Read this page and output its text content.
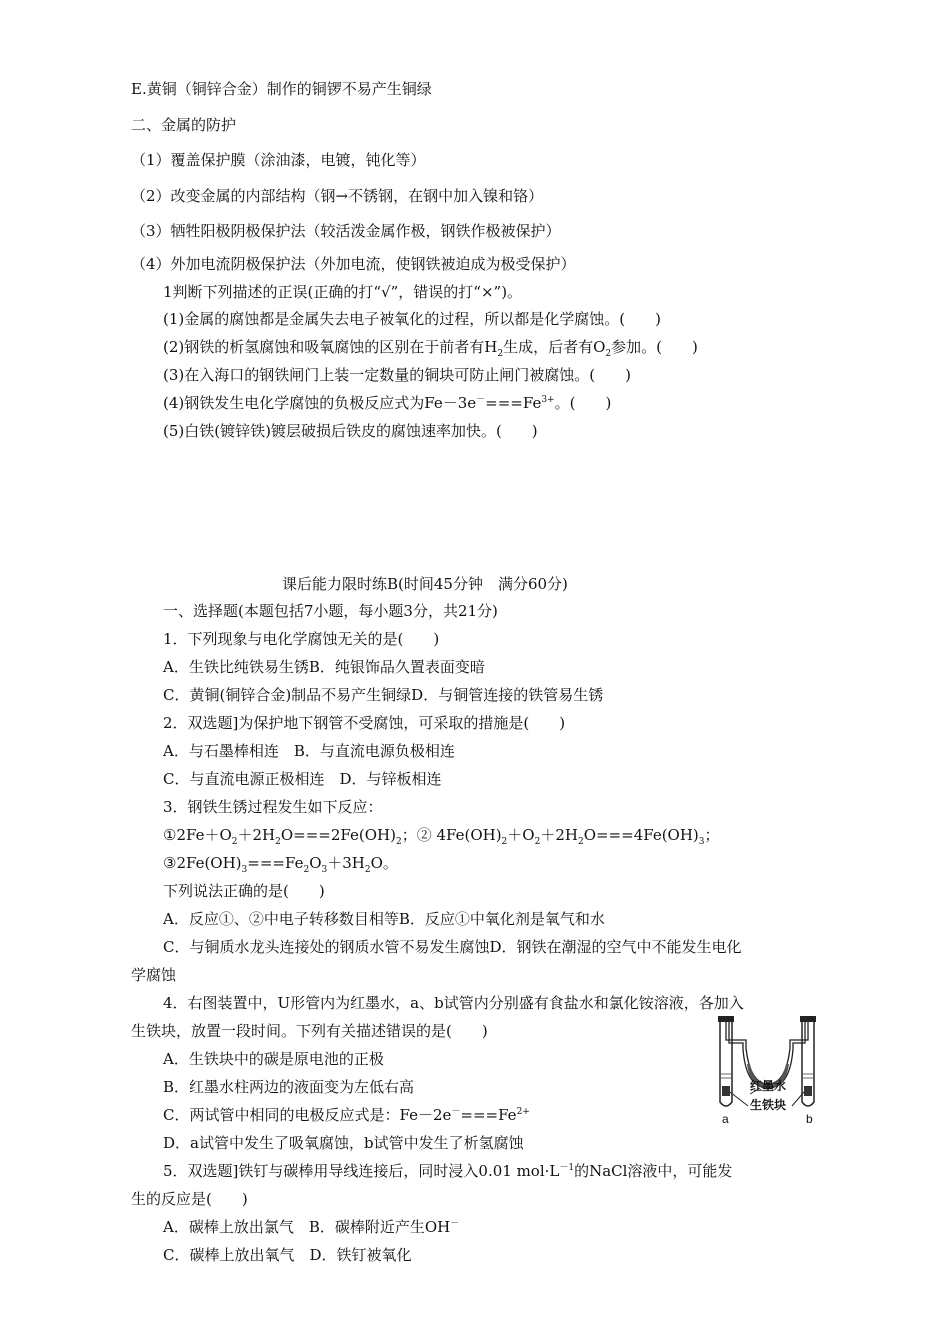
E.黄铜（铜锌合金）制作的铜锣不易产生铜绿
二、金属的防护
（1）覆盖保护膜（涂油漆，电镀，钝化等）
（2）改变金属的内部结构（钢→不锈钢，在钢中加入镍和铬）
（3）牺牲阳极阴极保护法（较活泼金属作极，钢铁作极被保护）
（4）外加电流阴极保护法（外加电流，使钢铁被迫成为极受保护）
1判断下列描述的正误(正确的打“√”，错误的打“×”)。
(1)金属的腐蚀都是金属失去电子被氧化的过程，所以都是化学腐蚀。(　　)
(2)钢铁的析氢腐蚀和吸氧腐蚀的区别在于前者有$H_2$生成，后者有$O_2$参加。(　　)
(3)在入海口的钢铁闸门上装一定数量的铜块可防止闸门被腐蚀。(　　)
(4)钢铁发生电化学腐蚀的负极反应式为$Fe-3e^-===Fe^{3+}$。(　　)
(5)白铁(镀锌铁)镀层破损后铁皮的腐蚀速率加快。(　　)
课后能力限时练B(时间45分钟　满分60分)
一、选择题(本题包括7小题，每小题3分，共21分)
1．下列现象与电化学腐蚀无关的是(　　)
A．生铁比纯铁易生锈B．纯银饰品久置表面变暗
C．黄铜(铜锌合金)制品不易产生铜绿D．与铜管连接的铁管易生锈
2．双选题]为保护地下钢管不受腐蚀，可采取的措施是(　　)
A．与石墨棒相连　B．与直流电源负极相连
C．与直流电源正极相连　D．与锌板相连
3．钢铁生锈过程发生如下反应：
$①2Fe+O_2+2H_2O===2Fe(OH)_2$；② $4Fe(OH)_2+O_2+2H_2O===4Fe(OH)_3$；
$③2Fe(OH)_3===Fe_2O_3+3H_2O$。
下列说法正确的是(　　)
A．反应①、②中电子转移数目相等B．反应①中氧化剂是氧气和水
C．与铜质水龙头连接处的钢质水管不易发生腐蚀D．钢铁在潮湿的空气中不能发生电化
学腐蚀
4．右图装置中，U形管内为红墨水，a、b试管内分别盛有食盐水和氯化铵溶液，各加入
生铁块，放置一段时间。下列有关描述错误的是(　　)
A．生铁块中的碳是原电池的正极
B．红墨水柱两边的液面变为左低右高
C．两试管中相同的电极反应式是：$Fe-2e^-===Fe^{2+}$
D．a试管中发生了吸氧腐蚀，b试管中发生了析氢腐蚀
红墨水
生铁块
a	b
5．双选题]铁钉与碳棒用导线连接后，同时浸入0.01 $mol\cdot L^{-1}$的NaCl溶液中，可能发
生的反应是(　　)
A．碳棒上放出氯气　B．碳棒附近产生OH－
C．碳棒上放出氧气　D．铁钉被氧化
